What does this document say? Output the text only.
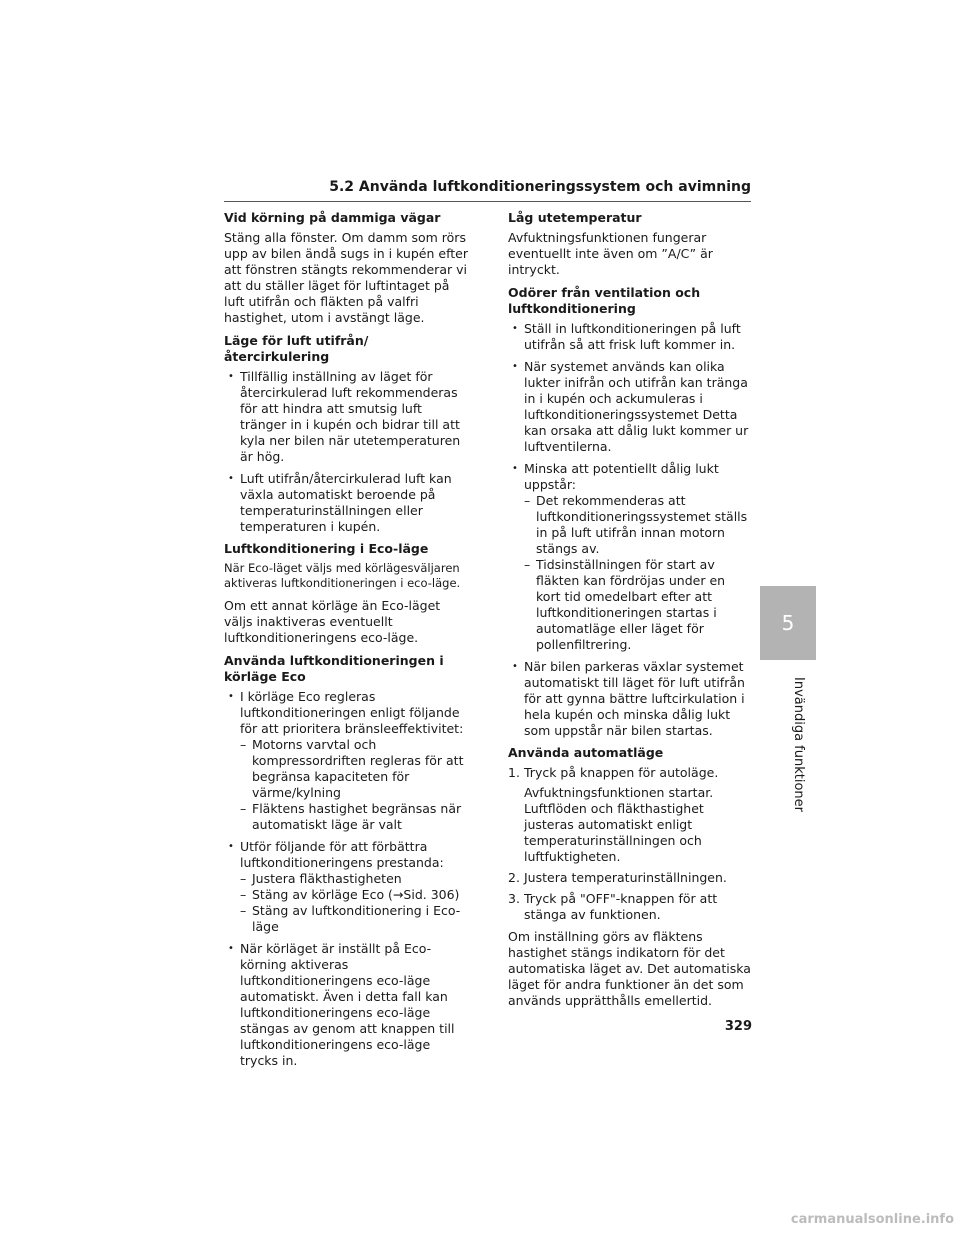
5.2 Använda luftkonditioneringssystem och avimning
Vid körning på dammiga vägar

Stäng alla fönster. Om damm som rörs upp av bilen ändå sugs in i kupén efter att fönstren stängts rekommenderar vi att du ställer läget för luftintaget på luft utifrån och fläkten på valfri hastighet, utom i avstängt läge.

Läge för luft utifrån/återcirkulering
• Tillfällig inställning av läget för återcirkulerad luft rekommenderas för att hindra att smutsig luft tränger in i kupén och bidrar till att kyla ner bilen när utetemperaturen är hög.
• Luft utifrån/återcirkulerad luft kan växla automatiskt beroende på temperaturinställningen eller temperaturen i kupén.
Luftkonditionering i Eco-läge

När Eco-läget väljs med körlägesväljaren aktiveras luftkonditioneringen i eco-läge.

Om ett annat körläge än Eco-läget väljs inaktiveras eventuellt luftkonditioneringens eco-läge.

Använda luftkonditioneringen i körläge Eco
• I körläge Eco regleras luftkonditioneringen enligt följande för att prioritera bränsleeffektivitet:
– Motorns varvtal och kompressordriften regleras för att begränsa kapaciteten för värme/kylning
– Fläktens hastighet begränsas när automatiskt läge är valt
• Utför följande för att förbättra luftkonditioneringens prestanda:
– Justera fläkthastigheten
– Stäng av körläge Eco (→Sid. 306)
– Stäng av luftkonditionering i Eco-läge
• När körläget är inställt på Eco-körning aktiveras luftkonditioneringens eco-läge automatiskt. Även i detta fall kan luftkonditioneringens eco-läge stängas av genom att knappen till luftkonditioneringens eco-läge trycks in.
Låg utetemperatur

Avfuktningsfunktionen fungerar eventuellt inte även om ”A/C” är intryckt.

Odörer från ventilation och luftkonditionering
• Ställ in luftkonditioneringen på luft utifrån så att frisk luft kommer in.
• När systemet används kan olika lukter inifrån och utifrån kan tränga in i kupén och ackumuleras i luftkonditioneringssystemet Detta kan orsaka att dålig lukt kommer ur luftventilerna.
• Minska att potentiellt dålig lukt uppstår:
– Det rekommenderas att luftkonditioneringssystemet ställs in på luft utifrån innan motorn stängs av.
– Tidsinställningen för start av fläkten kan fördröjas under en kort tid omedelbart efter att luftkonditioneringen startas i automatläge eller läget för pollenfiltrering.
• När bilen parkeras växlar systemet automatiskt till läget för luft utifrån för att gynna bättre luftcirkulation i hela kupén och minska dålig lukt som uppstår när bilen startas.
Använda automatläge
1. Tryck på knappen för autoläge.
Avfuktningsfunktionen startar. Luftflöden och fläkthastighet justeras automatiskt enligt temperaturinställningen och luftfuktigheten.
2. Justera temperaturinställningen.
3. Tryck på "OFF"-knappen för att stänga av funktionen.

Om inställning görs av fläktens hastighet stängs indikatorn för det automatiska läget av. Det automatiska läget för andra funktioner än det som används upprätthålls emellertid.

5
Invändiga funktioner
329
carmanualsonline.info
